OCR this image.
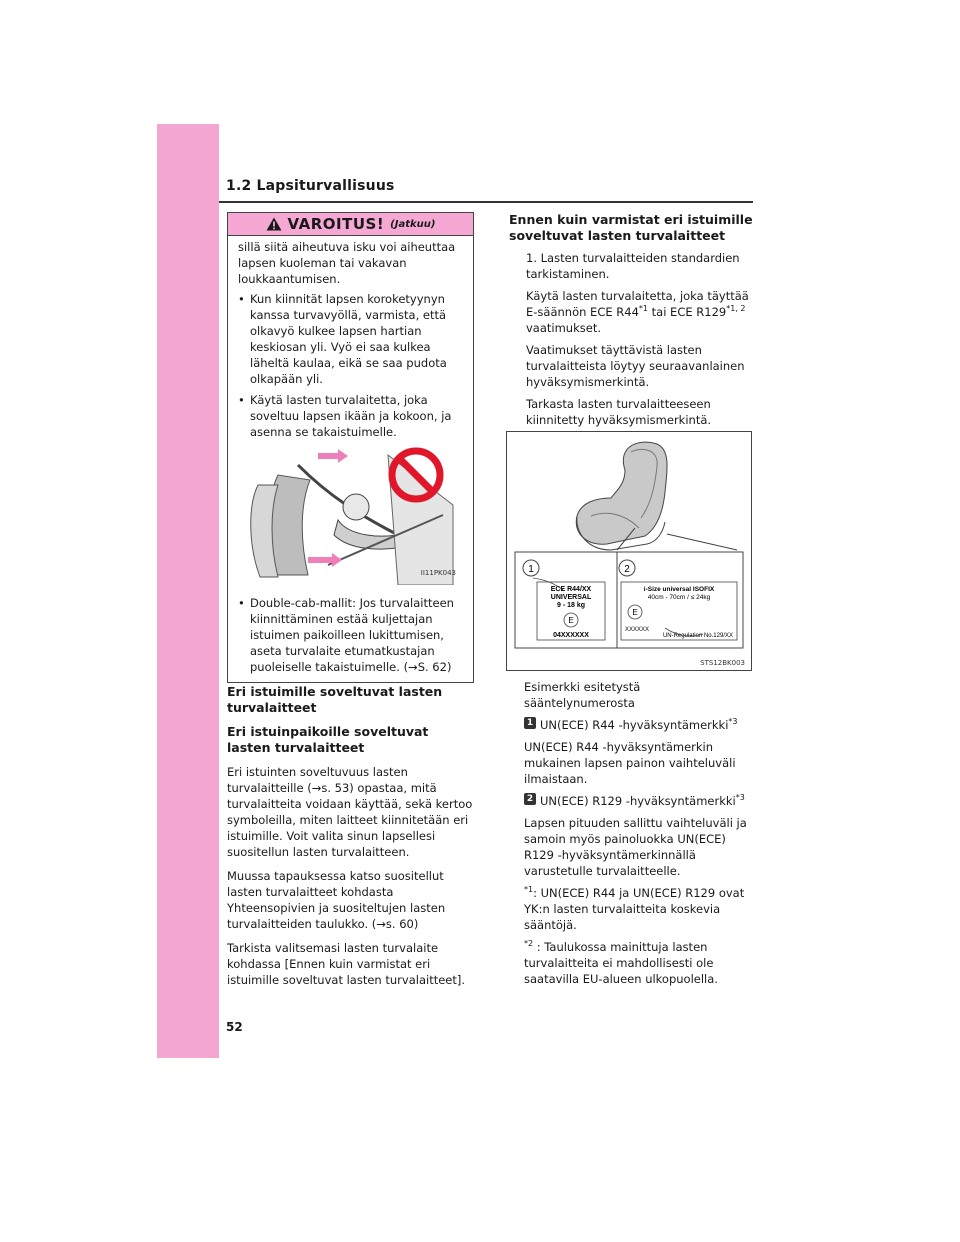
1.2 Lapsiturvallisuus
VAROITUS! (Jatkuu)

sillä siitä aiheutuva isku voi aiheuttaa lapsen kuoleman tai vakavan loukkaantumisen.

• Kun kiinnität lapsen koroketyynyn kanssa turvavyöllä, varmista, että olkavyö kulkee lapsen hartian keskiosan yli. Vyö ei saa kulkea läheltä kaulaa, eikä se saa pudota olkapään yli.
• Käytä lasten turvalaitetta, joka soveltuu lapsen ikään ja kokoon, ja asenna se takaistuimelle.
II11PK043
• Double-cab-mallit: Jos turvalaitteen kiinnittäminen estää kuljettajan istuimen paikoilleen lukittumisen, aseta turvalaite etumatkustajan puoleiselle takaistuimelle. (→S. 62)
Eri istuimille soveltuvat lasten turvalaitteet
Eri istuinpaikoille soveltuvat lasten turvalaitteet

Eri istuinten soveltuvuus lasten turvalaitteille (→s. 53) opastaa, mitä turvalaitteita voidaan käyttää, sekä kertoo symboleilla, miten laitteet kiinnitetään eri istuimille. Voit valita sinun lapsellesi suositellun lasten turvalaitteen.

Muussa tapauksessa katso suositellut lasten turvalaitteet kohdasta Yhteensopivien ja suositeltujen lasten turvalaitteiden taulukko. (→s. 60)

Tarkista valitsemasi lasten turvalaite kohdassa [Ennen kuin varmistat eri istuimille soveltuvat lasten turvalaitteet].

Ennen kuin varmistat eri istuimille soveltuvat lasten turvalaitteet

1. Lasten turvalaitteiden standardien tarkistaminen.

Käytä lasten turvalaitetta, joka täyttää E-säännön ECE R44$^{*1}$ tai ECE R129$^{*1, 2}$ vaatimukset.

Vaatimukset täyttävistä lasten turvalaitteista löytyy seuraavanlainen hyväksymismerkintä.

Tarkasta lasten turvalaitteeseen kiinnitetty hyväksymismerkintä.

1	2
ECE R44/XX
UNIVERSAL
9 - 18 kg
E
04XXXXXX
i-Size universal ISOFIX
40cm - 70cm / ≤ 24kg
E
XXXXXX
UN-Regulation No.129/XX
STS12BK003

Esimerkki esitetystä sääntelynumerosta

1 UN(ECE) R44 -hyväksyntämerkki$^{*3}$

UN(ECE) R44 -hyväksyntämerkin mukainen lapsen painon vaihteluväli ilmaistaan.

2 UN(ECE) R129 -hyväksyntämerkki$^{*3}$

Lapsen pituuden sallittu vaihteluväli ja samoin myös painoluokka UN(ECE) R129 -hyväksyntämerkinnällä varustetulle turvalaitteelle.

$^{*1}$: UN(ECE) R44 ja UN(ECE) R129 ovat YK:n lasten turvalaitteita koskevia sääntöjä.

$^{*2}$ : Taulukossa mainittuja lasten turvalaitteita ei mahdollisesti ole saatavilla EU-alueen ulkopuolella.

52
